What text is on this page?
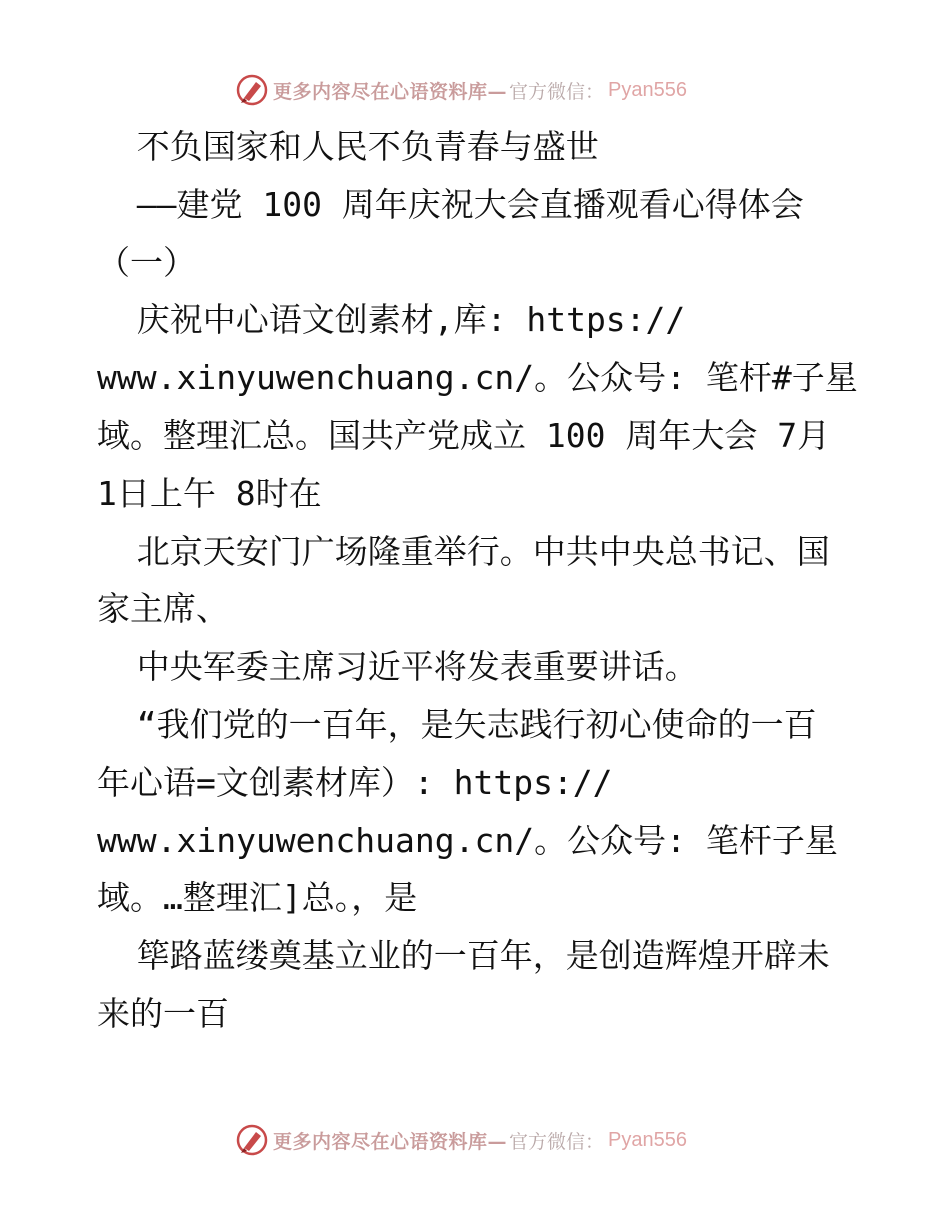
更多内容尽在心语资料库— 官方微信： Pyan556
不负国家和人民不负青春与盛世
——建党 100 周年庆祝大会直播观看心得体会
（一）
庆祝中心语文创素材,库: https://
www.xinyuwenchuang.cn/。公众号: 笔杆#子星
域。整理汇总。国共产党成立 100 周年大会 7月
1日上午 8时在
北京天安门广场隆重举行。中共中央总书记、国
家主席、
中央军委主席习近平将发表重要讲话。
“我们党的一百年，是矢志践行初心使命的一百
年心语=文创素材库）: https://
www.xinyuwenchuang.cn/。公众号: 笔杆子星
域。…整理汇]总。，是
筚路蓝缕奠基立业的一百年，是创造辉煌开辟未
来的一百
更多内容尽在心语资料库— 官方微信： Pyan556
